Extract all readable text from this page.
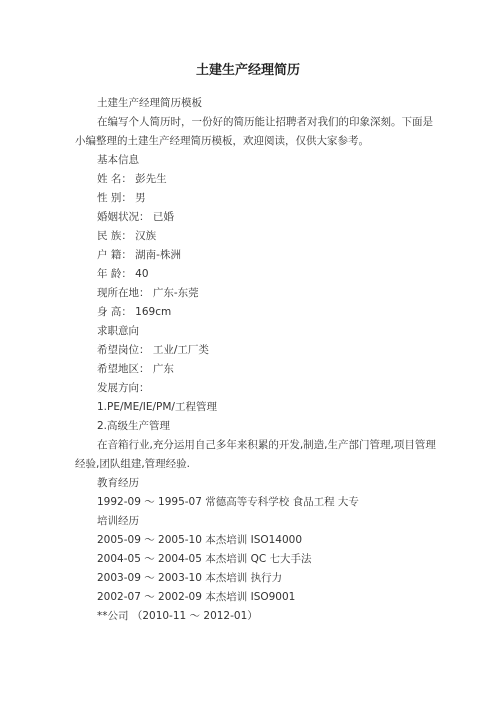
土建生产经理简历
土建生产经理简历模板
在编写个人简历时，一份好的简历能让招聘者对我们的印象深刻。下面是小编整理的土建生产经理简历模板，欢迎阅读，仅供大家参考。
基本信息
姓 名： 彭先生
性 别： 男
婚姻状况： 已婚
民 族： 汉族
户 籍： 湖南-株洲
年 龄： 40
现所在地： 广东-东莞
身 高： 169cm
求职意向
希望岗位： 工业/工厂类
希望地区： 广东
发展方向：
1.PE/ME/IE/PM/工程管理
2.高级生产管理
在音箱行业,充分运用自己多年来积累的开发,制造,生产部门管理,项目管理经验,团队组建,管理经验.
教育经历
1992-09 ～ 1995-07 常德高等专科学校 食品工程 大专
培训经历
2005-09 ～ 2005-10 本杰培训 ISO14000
2004-05 ～ 2004-05 本杰培训 QC 七大手法
2003-09 ～ 2003-10 本杰培训 执行力
2002-07 ～ 2002-09 本杰培训 ISO9001
**公司 （2010-11 ～ 2012-01）
